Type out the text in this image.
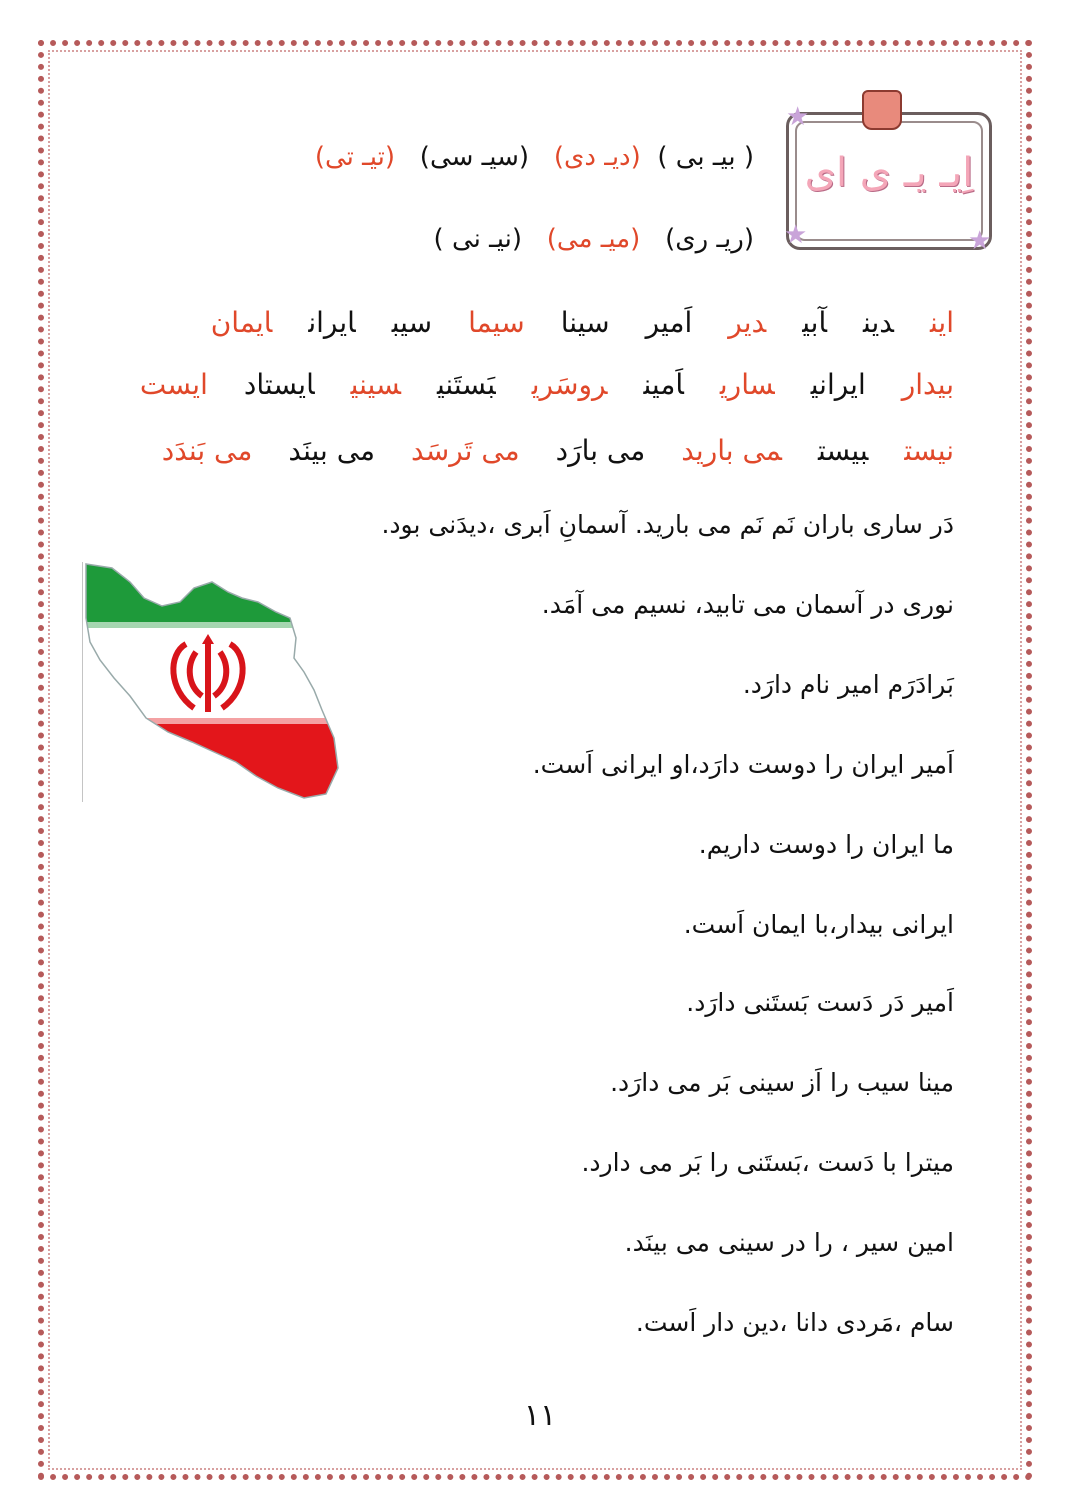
★
★	★
اِیـ یـ ی ای
( بیـ بی )  (دیـ دی)   (سیـ سی)   (تیـ تی)
(ریـ ری)   (میـ می)   (نیـ نی )
ایندینآبیدیراَمیرسیناسیماسیبایرانایمان
بیدارایرانیساریاَمینروسَریبَستَنیسینیایستادایست
نیستبیستمی باریدمی بارَدمی تَرسَدمی بینَدمی بَندَد
دَر ساری باران نَم نَم می بارید. آسمانِ اَبری ،دیدَنی بود.
نوری در آسمان می تابید، نسیم می آمَد.
بَرادَرَم امیر نام دارَد.
اَمیر ایران را دوست دارَد،او ایرانی اَست.
ما ایران را دوست داریم.
ایرانی بیدار،با ایمان اَست.
اَمیر دَر دَست بَستَنی دارَد.
مینا سیب را اَز سینی بَر می دارَد.
میترا با دَست ،بَستَنی را بَر می دارد.
امین سیر ، را در سینی می بینَد.
سام ،مَردی دانا ،دین دار اَست.
۱۱
